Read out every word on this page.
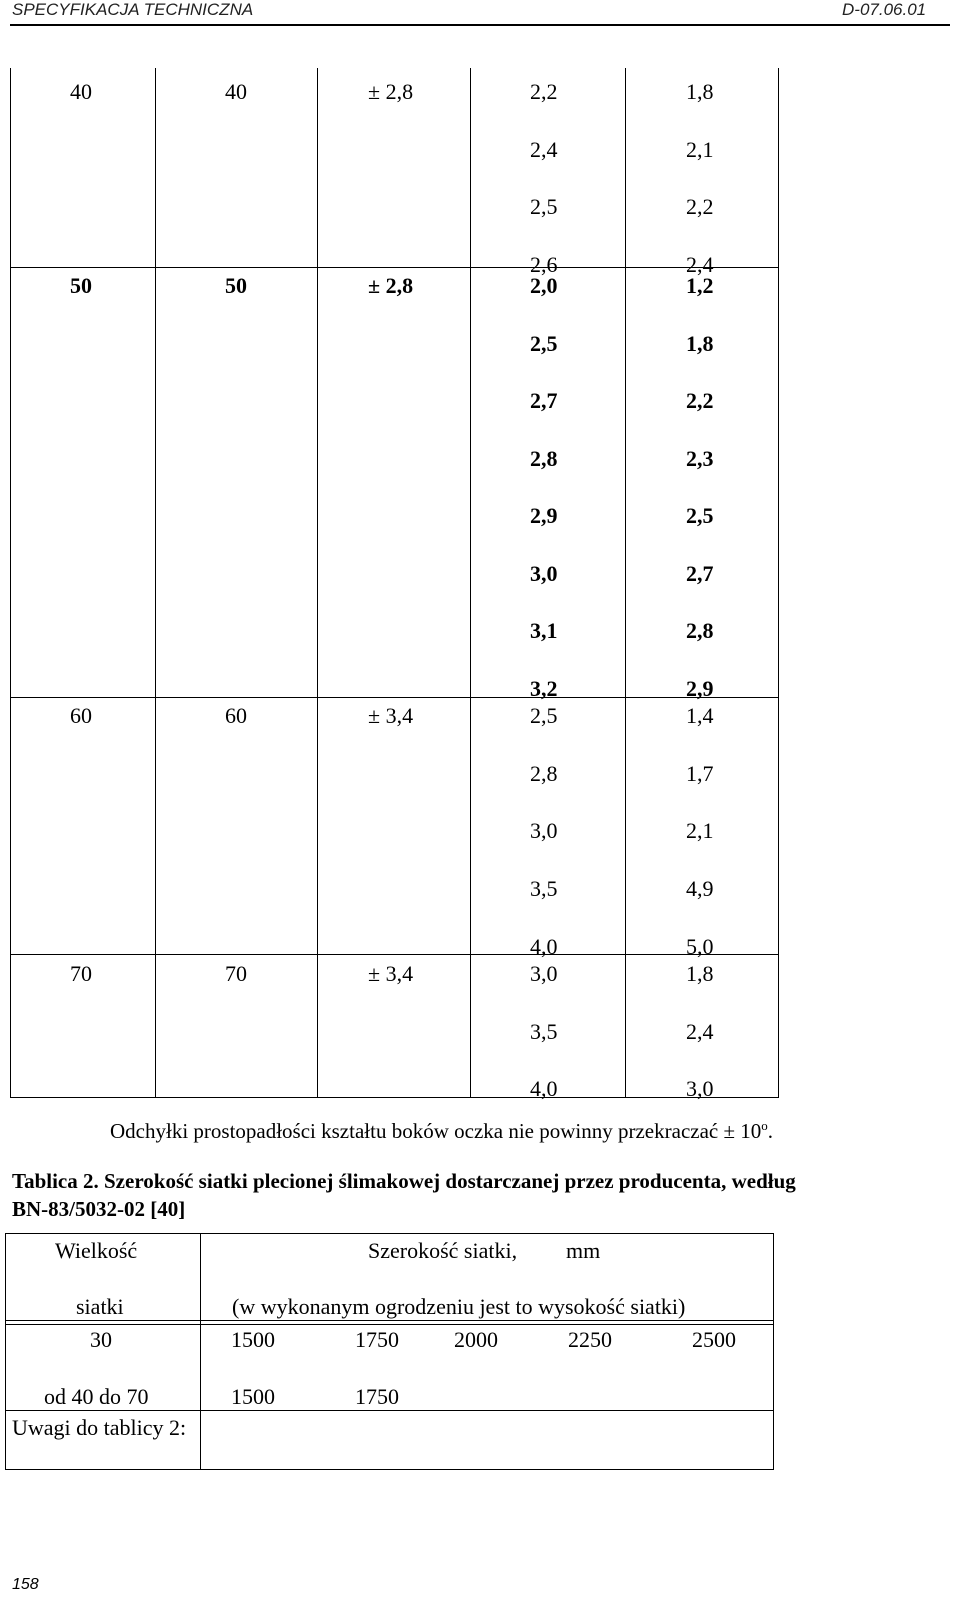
SPECYFIKACJA TECHNICZNA	D-07.06.01
40	40	± 2,8	2,2	1,8
2,4	2,1
2,5	2,2
2,6	2,4
50	50	± 2,8	2,0	1,2
2,5	1,8
2,7	2,2
2,8	2,3
2,9	2,5
3,0	2,7
3,1	2,8
3,2	2,9
60	60	± 3,4	2,5	1,4
2,8	1,7
3,0	2,1
3,5	4,9
4,0	5,0
70	70	± 3,4	3,0	1,8
3,5	2,4
4,0	3,0
Odchyłki prostopadłości kształtu boków oczka nie powinny przekraczać ± $10^o$.
Tablica 2. Szerokość siatki plecionej ślimakowej dostarczanej przez producenta, według
BN-83/5032-02 [40]
Wielkość	Szerokość siatki, mm
siatki	(w wykonanym ogrodzeniu jest to wysokość siatki)
30	1500	1750	2000	2250	2500
od 40 do 70	1500	1750
Uwagi do tablicy 2:
158
